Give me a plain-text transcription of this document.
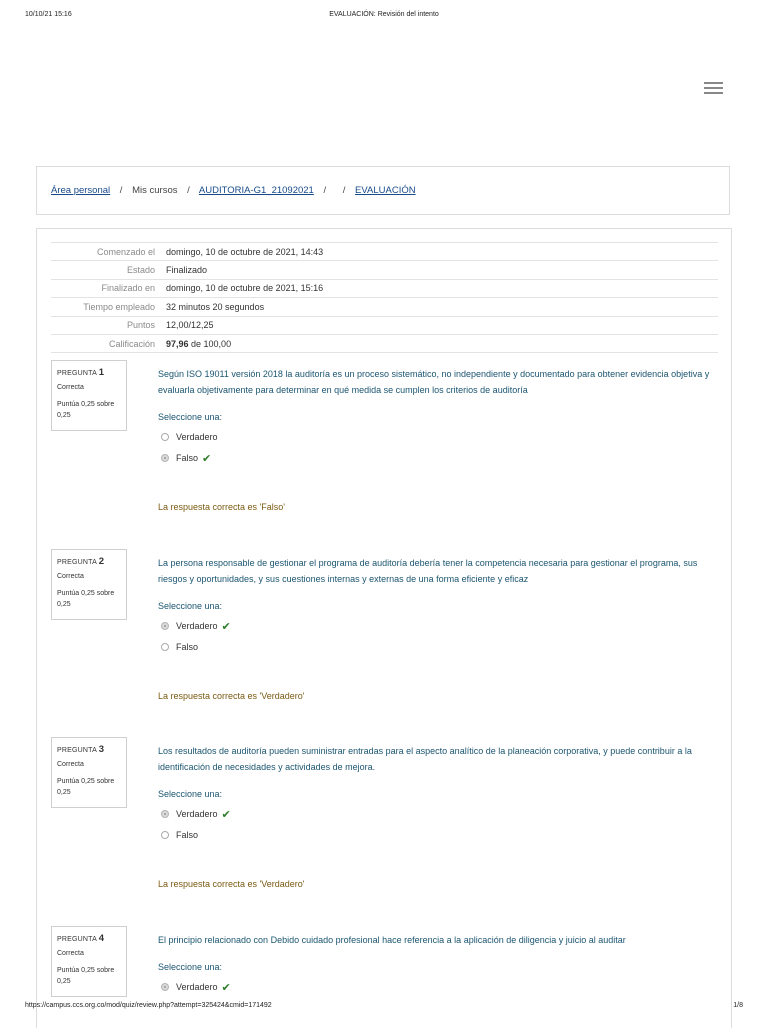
10/10/21 15:16	EVALUACIÓN: Revisión del intento
Área personal / Mis cursos / AUDITORIA-G1_21092021 / / EVALUACIÓN
Comenzado el	domingo, 10 de octubre de 2021, 14:43
Estado	Finalizado
Finalizado en	domingo, 10 de octubre de 2021, 15:16
Tiempo empleado	32 minutos 20 segundos
Puntos	12,00/12,25
Calificación	97,96 de 100,00
PREGUNTA 1
Correcta
Puntúa 0,25 sobre 0,25
Según ISO 19011 versión 2018 la auditoría es un proceso sistemático, no independiente y documentado para obtener evidencia objetiva y evaluarla objetivamente para determinar en qué medida se cumplen los criterios de auditoría
Seleccione una:
Verdadero
Falso ✔
La respuesta correcta es 'Falso'
PREGUNTA 2
Correcta
Puntúa 0,25 sobre 0,25
La persona responsable de gestionar el programa de auditoría debería tener la competencia necesaria para gestionar el programa, sus riesgos y oportunidades, y sus cuestiones internas y externas de una forma eficiente y eficaz
Seleccione una:
Verdadero ✔
Falso
La respuesta correcta es 'Verdadero'
PREGUNTA 3
Correcta
Puntúa 0,25 sobre 0,25
Los resultados de auditoría pueden suministrar entradas para el aspecto analítico de la planeación corporativa, y puede contribuir a la identificación de necesidades y actividades de mejora.
Seleccione una:
Verdadero ✔
Falso
La respuesta correcta es 'Verdadero'
PREGUNTA 4
Correcta
Puntúa 0,25 sobre 0,25
El principio relacionado con Debido cuidado profesional hace referencia a la aplicación de diligencia y juicio al auditar
Seleccione una:
Verdadero ✔
https://campus.ccs.org.co/mod/quiz/review.php?attempt=325424&cmid=171492	1/8
